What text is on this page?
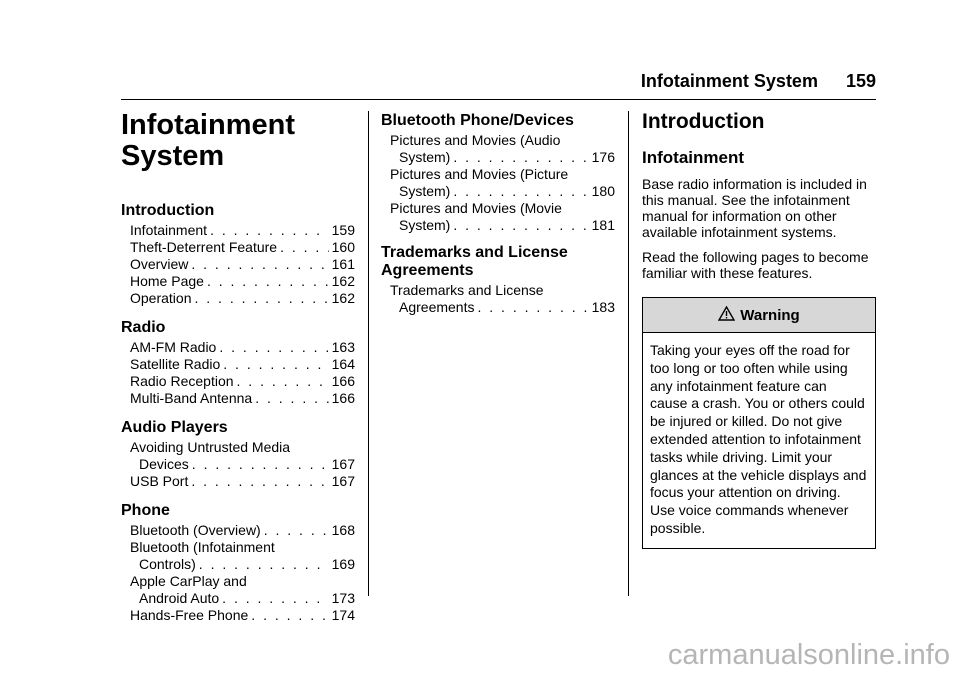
Infotainment System 159
Infotainment
System
Introduction
Infotainment . . .	159
Theft-Deterrent Feature . . .	160
Overview . . .	161
Home Page . . .	162
Operation . . .	162
Radio
AM-FM Radio . . .	163
Satellite Radio . . .	164
Radio Reception . . .	166
Multi-Band Antenna . . .	166
Audio Players
Avoiding Untrusted Media
Devices . . .	167
USB Port . . .	167
Phone
Bluetooth (Overview) . . .	168
Bluetooth (Infotainment
Controls) . . .	169
Apple CarPlay and
Android Auto . . .	173
Hands-Free Phone . . .	174
Bluetooth Phone/Devices
Pictures and Movies (Audio
System) . . .	176
Pictures and Movies (Picture
System) . . .	180
Pictures and Movies (Movie
System) . . .	181
Trademarks and License
Agreements
Trademarks and License
Agreements . . .	183
Introduction
Infotainment
Base radio information is included in this manual. See the infotainment manual for information on other available infotainment systems.
Read the following pages to become familiar with these features.
Warning
Taking your eyes off the road for too long or too often while using any infotainment feature can cause a crash. You or others could be injured or killed. Do not give extended attention to infotainment tasks while driving. Limit your glances at the vehicle displays and focus your attention on driving. Use voice commands whenever possible.
carmanualsonline.info
